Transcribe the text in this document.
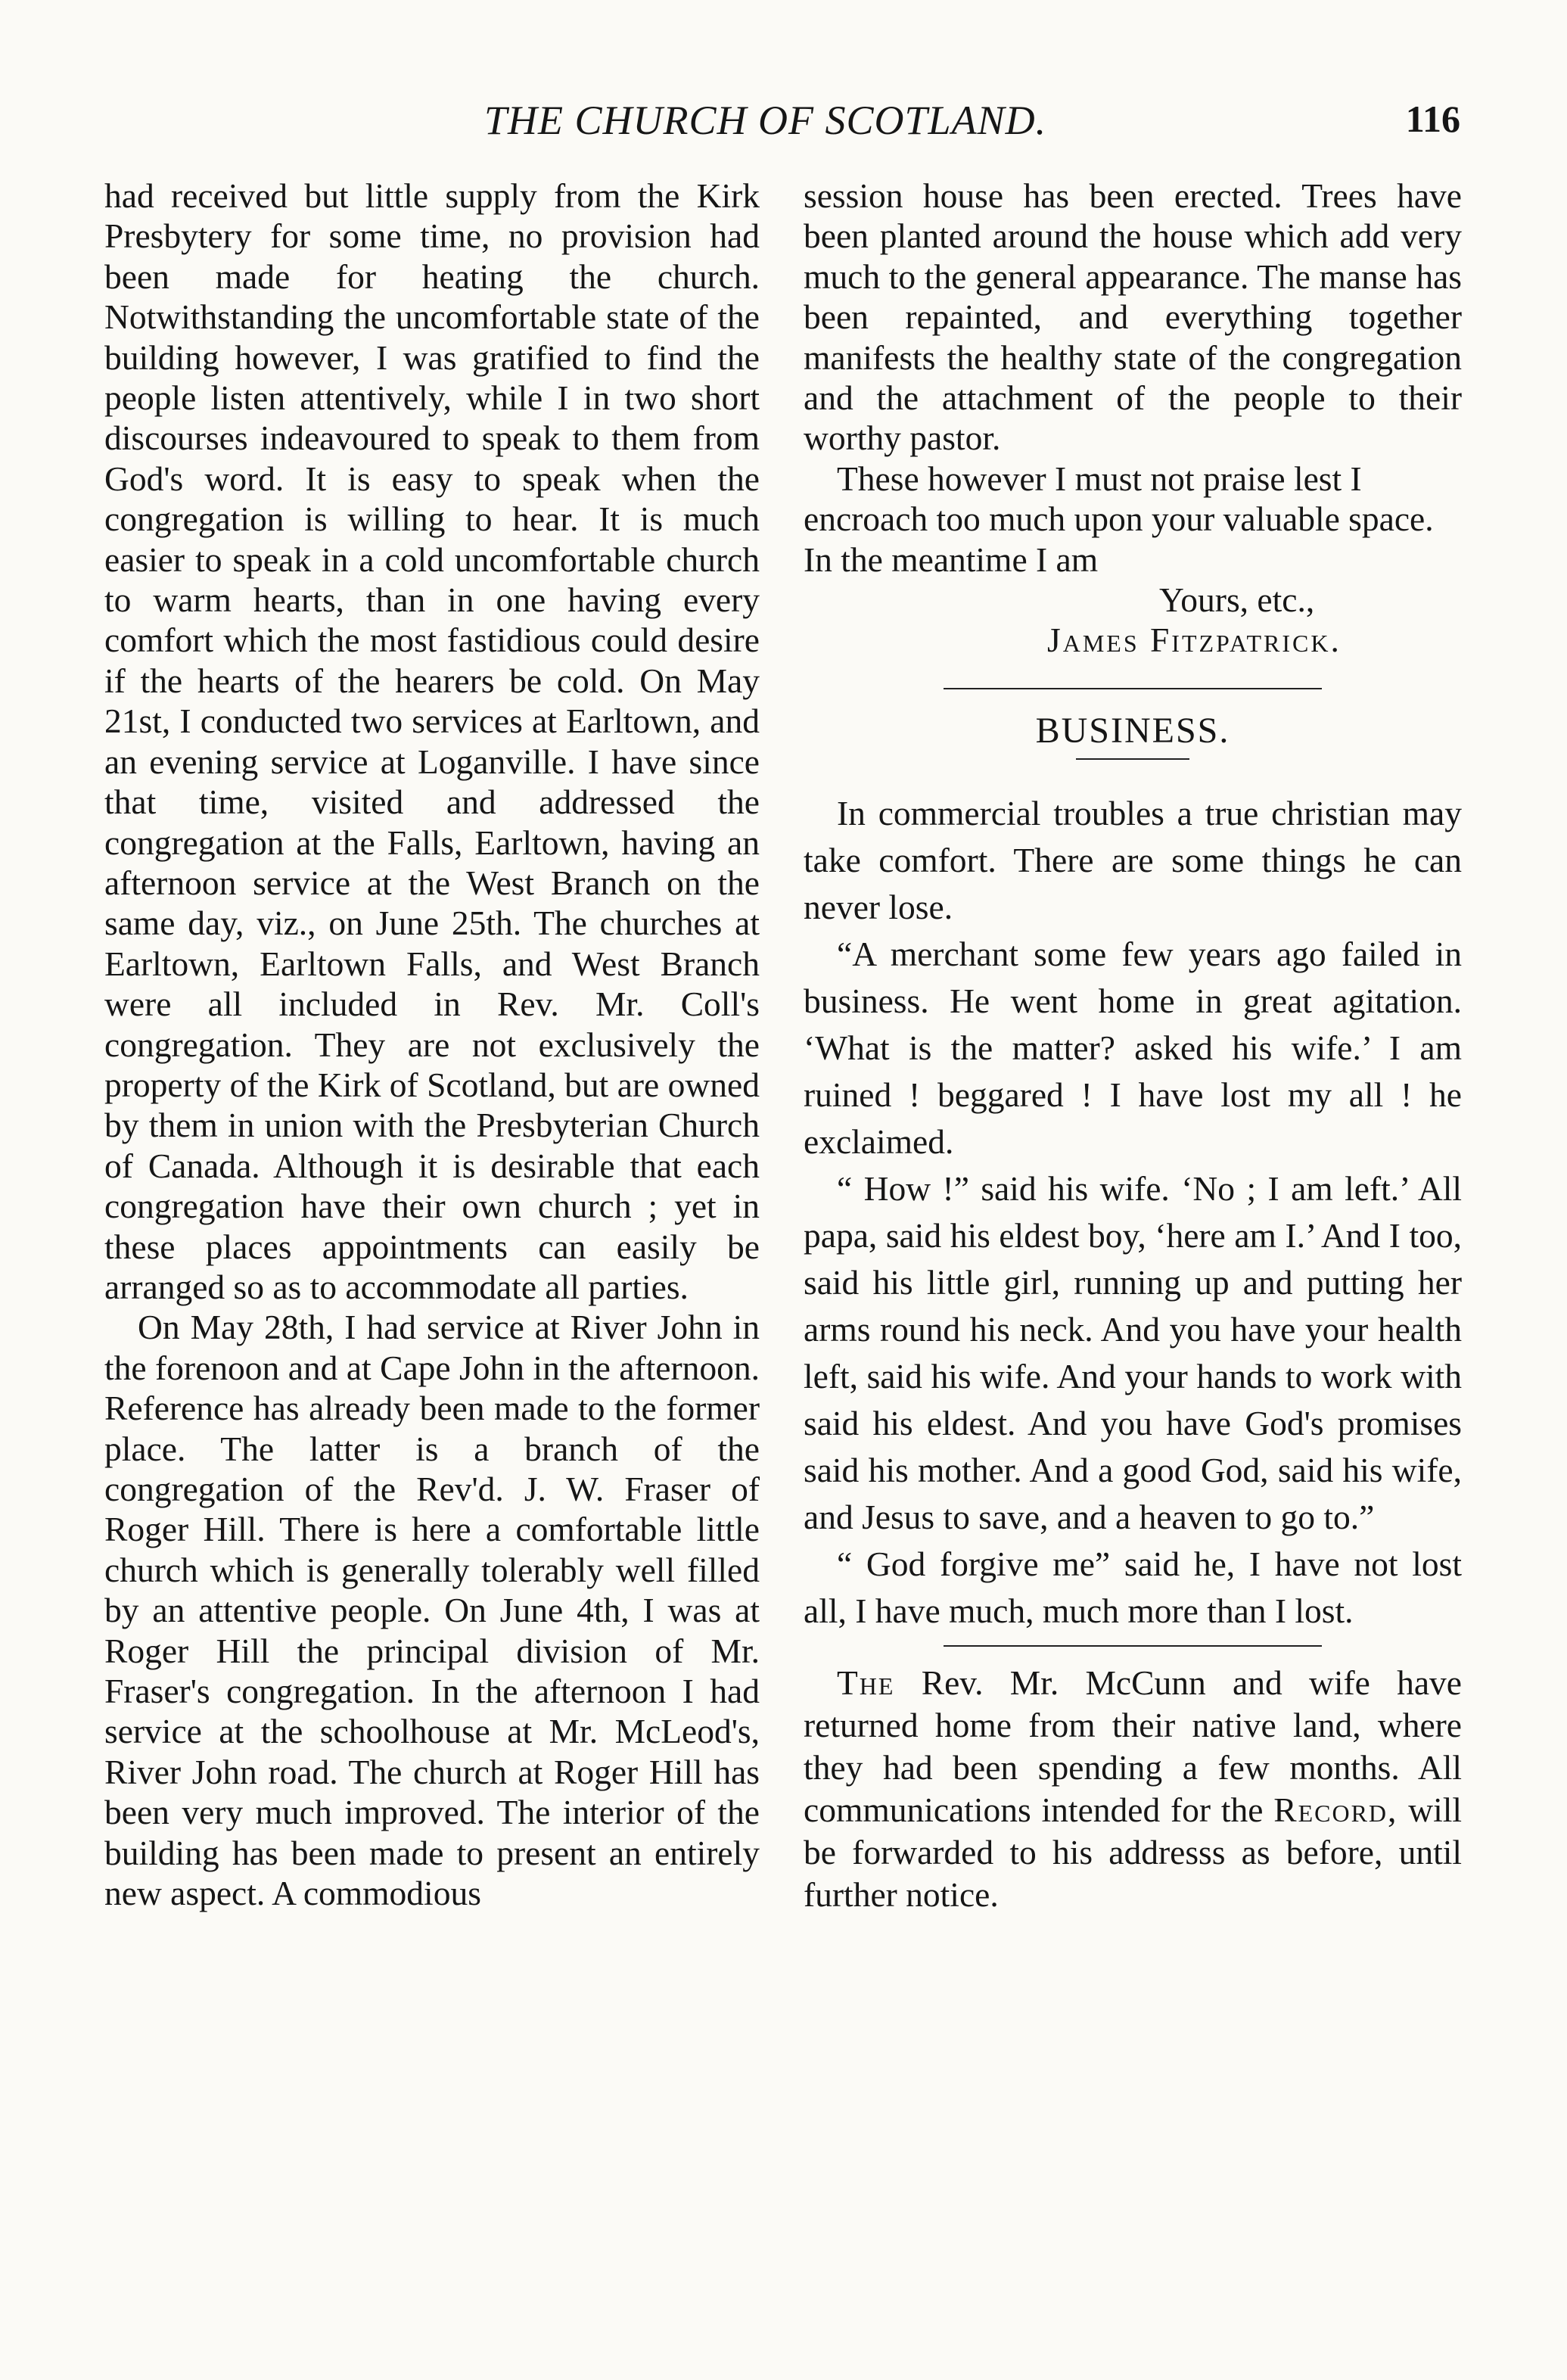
THE CHURCH OF SCOTLAND.	116

had received but little supply from the Kirk Presbytery for some time, no provision had been made for heating the church. Notwithstanding the uncomfortable state of the building however, I was gratified to find the people listen attentively, while I in two short discourses indeavoured to speak to them from God's word. It is easy to speak when the congregation is willing to hear. It is much easier to speak in a cold uncomfortable church to warm hearts, than in one having every comfort which the most fastidious could desire if the hearts of the hearers be cold. On May 21st, I conducted two services at Earltown, and an evening service at Loganville. I have since that time, visited and addressed the congregation at the Falls, Earltown, having an afternoon service at the West Branch on the same day, viz., on June 25th. The churches at Earltown, Earltown Falls, and West Branch were all included in Rev. Mr. Coll's congregation. They are not exclusively the property of the Kirk of Scotland, but are owned by them in union with the Presbyterian Church of Canada. Although it is desirable that each congregation have their own church ; yet in these places appointments can easily be arranged so as to accommodate all parties.

On May 28th, I had service at River John in the forenoon and at Cape John in the afternoon. Reference has already been made to the former place. The latter is a branch of the congregation of the Rev'd. J. W. Fraser of Roger Hill. There is here a comfortable little church which is generally tolerably well filled by an attentive people. On June 4th, I was at Roger Hill the principal division of Mr. Fraser's congregation. In the afternoon I had service at the schoolhouse at Mr. McLeod's, River John road. The church at Roger Hill has been very much improved. The interior of the building has been made to present an entirely new aspect. A commodious

session house has been erected. Trees have been planted around the house which add very much to the general appearance. The manse has been repainted, and everything together manifests the healthy state of the congregation and the attachment of the people to their worthy pastor.

These however I must not praise lest I encroach too much upon your valuable space. In the meantime I am

Yours, etc.,

James Fitzpatrick.

BUSINESS.

In commercial troubles a true christian may take comfort. There are some things he can never lose.

“A merchant some few years ago failed in business. He went home in great agitation. ‘What is the matter? asked his wife.’ I am ruined ! beggared ! I have lost my all ! he exclaimed.

“ How !” said his wife. ‘No ; I am left.’ All papa, said his eldest boy, ‘here am I.’ And I too, said his little girl, running up and putting her arms round his neck. And you have your health left, said his wife. And your hands to work with said his eldest. And you have God's promises said his mother. And a good God, said his wife, and Jesus to save, and a heaven to go to.”

“ God forgive me” said he, I have not lost all, I have much, much more than I lost.

The Rev. Mr. McCunn and wife have returned home from their native land, where they had been spending a few months. All communications intended for the Record, will be forwarded to his addresss as before, until further notice.
